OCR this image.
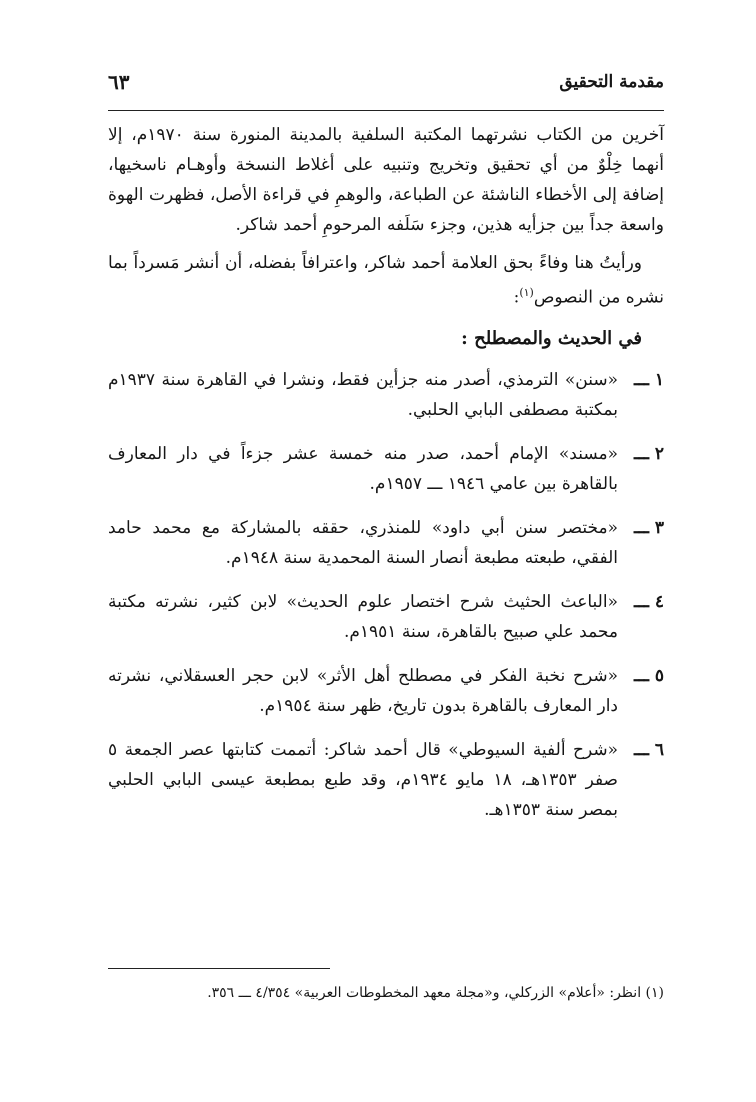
مقدمة التحقيق
٦٣

آخرين من الكتاب نشرتهما المكتبة السلفية بالمدينة المنورة سنة ١٩٧٠م، إلا أنهما خِلْوٌ من أي تحقيق وتخريج وتنبيه على أغلاط النسخة وأوهـام ناسخيها، إضافة إلى الأخطاء الناشئة عن الطباعة، والوهمِ في قراءة الأصل، فظهرت الهوة واسعة جداً بين جزأيه هذين، وجزء سَلَفه المرحومِ أحمد شاكر.

ورأيتُ هنا وفاءً بحق العلامة أحمد شاكر، واعترافاً بفضله، أن أنشر مَسرداً بما نشره من النصوص$^{(١)}$:

في الحديث والمصطلح :
١ ـــ
«سنن» الترمذي، أصدر منه جزأين فقط، ونشرا في القاهرة سنة ١٩٣٧م بمكتبة مصطفى البابي الحلبي.
٢ ـــ
«مسند» الإمام أحمد، صدر منه خمسة عشر جزءاً في دار المعارف بالقاهرة بين عامي ١٩٤٦ ـــ ١٩٥٧م.
٣ ـــ
«مختصر سنن أبي داود» للمنذري، حققه بالمشاركة مع محمد حامد الفقي، طبعته مطبعة أنصار السنة المحمدية سنة ١٩٤٨م.
٤ ـــ
«الباعث الحثيث شرح اختصار علوم الحديث» لابن كثير، نشرته مكتبة محمد علي صبيح بالقاهرة، سنة ١٩٥١م.
٥ ـــ
«شرح نخبة الفكر في مصطلح أهل الأثر» لابن حجر العسقلاني، نشرته دار المعارف بالقاهرة بدون تاريخ، ظهر سنة ١٩٥٤م.
٦ ـــ
«شرح ألفية السيوطي» قال أحمد شاكر: أتممت كتابتها عصر الجمعة ٥ صفر ١٣٥٣هـ، ١٨ مايو ١٩٣٤م، وقد طبع بمطبعة عيسى البابي الحلبي بمصر سنة ١٣٥٣هـ.
(١) انظر: «أعلام» الزركلي، و«مجلة معهد المخطوطات العربية» ٤/٣٥٤ ـــ ٣٥٦.
